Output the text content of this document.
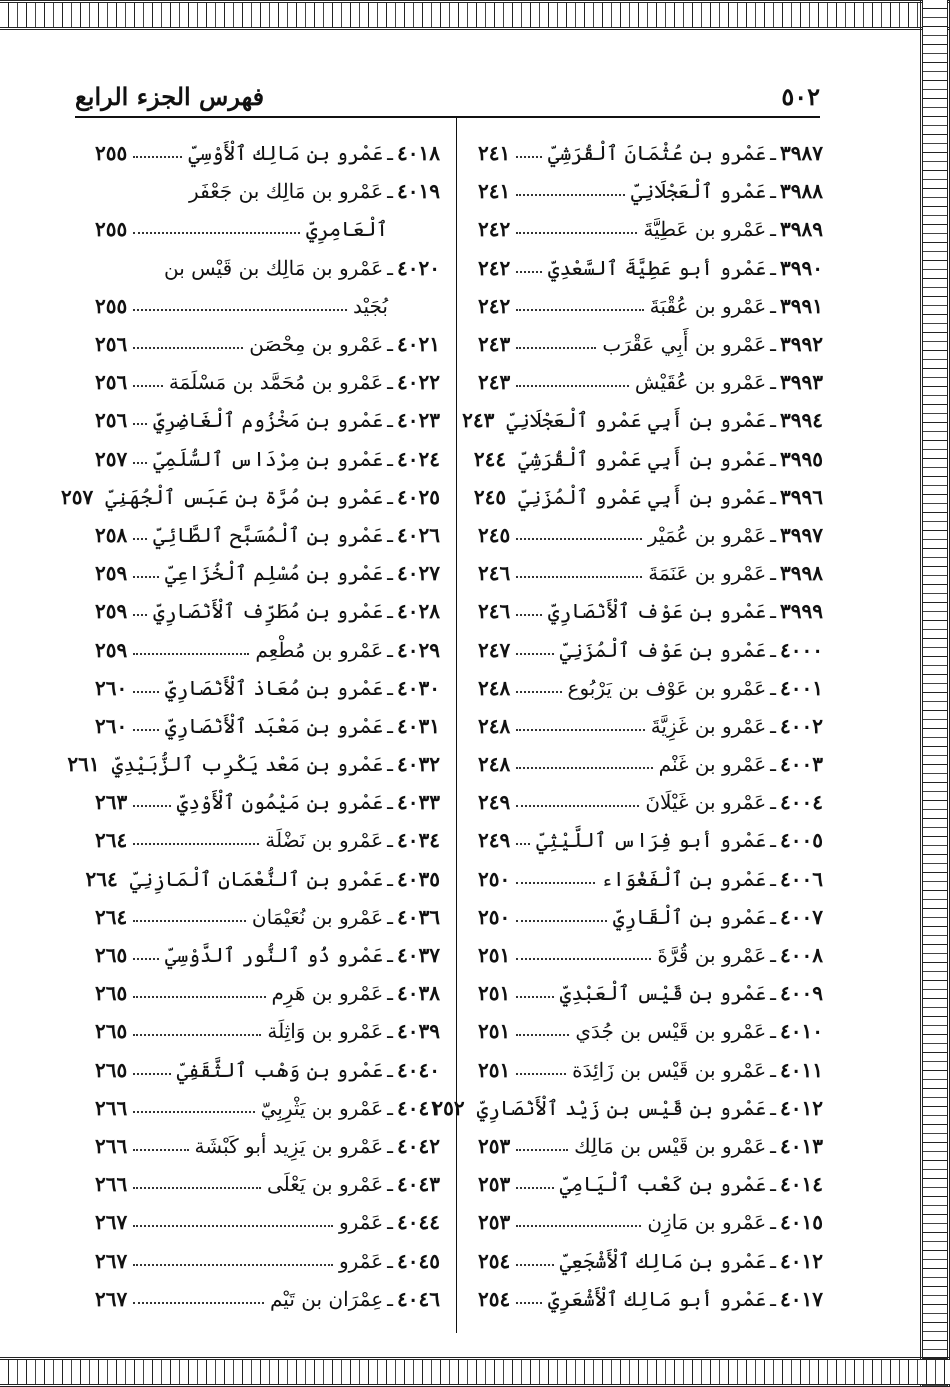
٥٠٢
فهرس الجزء الرابع
٣٩٨٧
ـ
عَمْرو بن عُثْمَانَ ٱلْقُرَشِيّ
٢٤١
٣٩٨٨
ـ
عَمْرو ٱلْعَجْلَانِيّ
٢٤١
٣٩٨٩
ـ
عَمْرو بن عَطِيَّةَ
٢٤٢
٣٩٩٠
ـ
عَمْرو أبو عَطِيَّةَ ٱلسَّعْدِيّ
٢٤٢
٣٩٩١
ـ
عَمْرو بن عُقْبَةَ
٢٤٢
٣٩٩٢
ـ
عَمْرو بن أَبِي عَقْرَب
٢٤٣
٣٩٩٣
ـ
عَمْرو بن عُقَيْش
٢٤٣
٣٩٩٤
ـ
عَمْرو بن أَبِي عَمْرو ٱلْعَجْلَانِيّ
٢٤٣
٣٩٩٥
ـ
عَمْرو بن أَبِي عَمْرو ٱلْقُرَشِيّ
٢٤٤
٣٩٩٦
ـ
عَمْرو بن أَبِي عَمْرو ٱلْمُزَنِيّ
٢٤٥
٣٩٩٧
ـ
عَمْرو بن عُمَيْر
٢٤٥
٣٩٩٨
ـ
عَمْرو بن عَنَمَةَ
٢٤٦
٣٩٩٩
ـ
عَمْرو بن عَوْف ٱلْأَنْصَارِيّ
٢٤٦
٤٠٠٠
ـ
عَمْرو بن عَوْف ٱلْمُزَنِيّ
٢٤٧
٤٠٠١
ـ
عَمْرو بن عَوْف بن يَرْبُوع
٢٤٨
٤٠٠٢
ـ
عَمْرو بن غَزِيَّةَ
٢٤٨
٤٠٠٣
ـ
عَمْرو بن غَنْم
٢٤٨
٤٠٠٤
ـ
عَمْرو بن غَيْلَانَ
٢٤٩
٤٠٠٥
ـ
عَمْرو أبو فِرَاس ٱللَّيْثِيّ
٢٤٩
٤٠٠٦
ـ
عَمْرو بن ٱلْفَغْوَاء
٢٥٠
٤٠٠٧
ـ
عَمْرو بن ٱلْقَارِيّ
٢٥٠
٤٠٠٨
ـ
عَمْرو بن قُرَّةَ
٢٥١
٤٠٠٩
ـ
عَمْرو بن قَيْس ٱلْعَبْدِيّ
٢٥١
٤٠١٠
ـ
عَمْرو بن قَيْس بن جُدَي
٢٥١
٤٠١١
ـ
عَمْرو بن قَيْس بن زَائِدَة
٢٥١
٤٠١٢
ـ
عَمْرو بن قَيْس بن زَيْد ٱلْأَنْصَارِيّ
٢٥٢
٤٠١٣
ـ
عَمْرو بن قَيْس بن مَالِك
٢٥٣
٤٠١٤
ـ
عَمْرو بن كَعْب ٱلْيَامِيّ
٢٥٣
٤٠١٥
ـ
عَمْرو بن مَازِن
٢٥٣
٤٠١٢
ـ
عَمْرو بن مَالِك ٱلْأَشْجَعِيّ
٢٥٤
٤٠١٧
ـ
عَمْرو أبو مَالِك ٱلْأَشْعَرِيّ
٢٥٤
٤٠١٨
ـ
عَمْرو بن مَالِك ٱلْأَوْسِيّ
٢٥٥
٤٠١٩
ـ
عَمْرو بن مَالِك بن جَعْفَر
ٱلْعَامِرِيّ
٢٥٥
٤٠٢٠
ـ
عَمْرو بن مَالِك بن قَيْس بن
بُجَيْد
٢٥٥
٤٠٢١
ـ
عَمْرو بن مِحْصَن
٢٥٦
٤٠٢٢
ـ
عَمْرو بن مُحَمَّد بن مَسْلَمَة
٢٥٦
٤٠٢٣
ـ
عَمْرو بن مَخْزُوم ٱلْغَاضِرِيّ
٢٥٦
٤٠٢٤
ـ
عَمْرو بن مِرْدَاس ٱلسُّلَمِيّ
٢٥٧
٤٠٢٥
ـ
عَمْرو بن مُرَّة بن عَبَس ٱلْجُهَنِيّ
٢٥٧
٤٠٢٦
ـ
عَمْرو بن ٱلْمُسَبَّح ٱلطَّائِيّ
٢٥٨
٤٠٢٧
ـ
عَمْرو بن مُسْلِم ٱلْخُزَاعِيّ
٢٥٩
٤٠٢٨
ـ
عَمْرو بن مُطَرِّف ٱلْأَنْصَارِيّ
٢٥٩
٤٠٢٩
ـ
عَمْرو بن مُطْعِم
٢٥٩
٤٠٣٠
ـ
عَمْرو بن مُعَاذ ٱلْأَنْصَارِيّ
٢٦٠
٤٠٣١
ـ
عَمْرو بن مَعْبَد ٱلْأَنْصَارِيّ
٢٦٠
٤٠٣٢
ـ
عَمْرو بن مَعْد يَكْرِب ٱلزُّبَيْدِيّ
٢٦١
٤٠٣٣
ـ
عَمْرو بن مَيْمُون ٱلْأَوْدِيّ
٢٦٣
٤٠٣٤
ـ
عَمْرو بن نَضْلَة
٢٦٤
٤٠٣٥
ـ
عَمْرو بن ٱلنُّعْمَان ٱلْمَازِنِيّ
٢٦٤
٤٠٣٦
ـ
عَمْرو بن نُعَيْمَان
٢٦٤
٤٠٣٧
ـ
عَمْرو ذُو ٱلنُّور ٱلدَّوْسِيّ
٢٦٥
٤٠٣٨
ـ
عَمْرو بن هَرِم
٢٦٥
٤٠٣٩
ـ
عَمْرو بن وَاثِلَة
٢٦٥
٤٠٤٠
ـ
عَمْرو بن وَهْب ٱلثَّقَفِيّ
٢٦٥
٤٠٤١
ـ
عَمْرو بن يَثْرِبِيّ
٢٦٦
٤٠٤٢
ـ
عَمْرو بن يَزِيد أبو كَبْشَة
٢٦٦
٤٠٤٣
ـ
عَمْرو بن يَعْلَى
٢٦٦
٤٠٤٤
ـ
عَمْرو
٢٦٧
٤٠٤٥
ـ
عَمْرو
٢٦٧
٤٠٤٦
ـ
عِمْرَان بن تَيْم
٢٦٧
